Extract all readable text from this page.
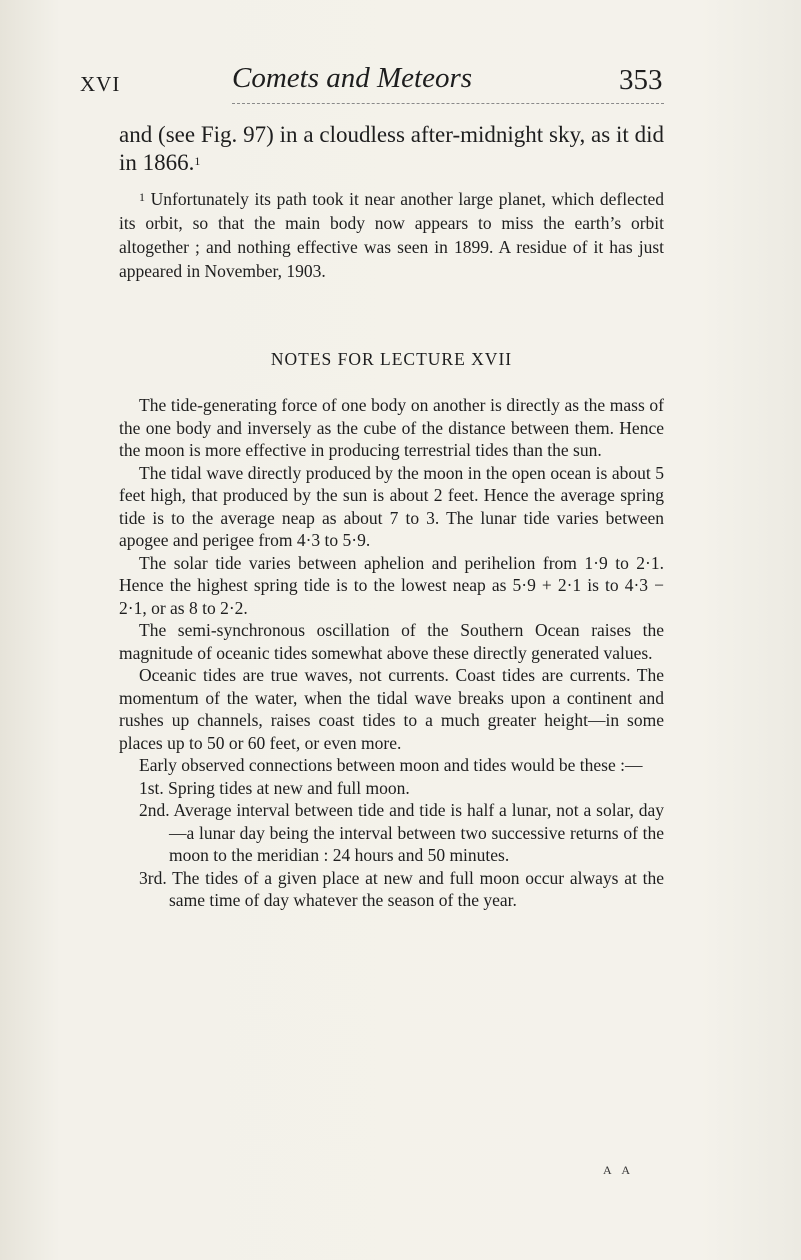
XVI	Comets and Meteors	353

and (see Fig. 97) in a cloudless after-midnight sky, as it did in 1866.$^1$

$^1$ Unfortunately its path took it near another large planet, which deflected its orbit, so that the main body now appears to miss the earth’s orbit altogether ; and nothing effective was seen in 1899. A residue of it has just appeared in November, 1903.

NOTES FOR LECTURE XVII

The tide-generating force of one body on another is directly as the mass of the one body and inversely as the cube of the distance between them. Hence the moon is more effective in producing terrestrial tides than the sun.

The tidal wave directly produced by the moon in the open ocean is about 5 feet high, that produced by the sun is about 2 feet. Hence the average spring tide is to the average neap as about 7 to 3. The lunar tide varies between apogee and perigee from 4·3 to 5·9.

The solar tide varies between aphelion and perihelion from 1·9 to 2·1. Hence the highest spring tide is to the lowest neap as 5·9 + 2·1 is to 4·3 − 2·1, or as 8 to 2·2.

The semi-synchronous oscillation of the Southern Ocean raises the magnitude of oceanic tides somewhat above these directly generated values.

Oceanic tides are true waves, not currents. Coast tides are currents. The momentum of the water, when the tidal wave breaks upon a continent and rushes up channels, raises coast tides to a much greater height—in some places up to 50 or 60 feet, or even more.

Early observed connections between moon and tides would be these :—

1st. Spring tides at new and full moon.

2nd. Average interval between tide and tide is half a lunar, not a solar, day—a lunar day being the interval between two successive returns of the moon to the meridian : 24 hours and 50 minutes.

3rd. The tides of a given place at new and full moon occur always at the same time of day whatever the season of the year.

A A
